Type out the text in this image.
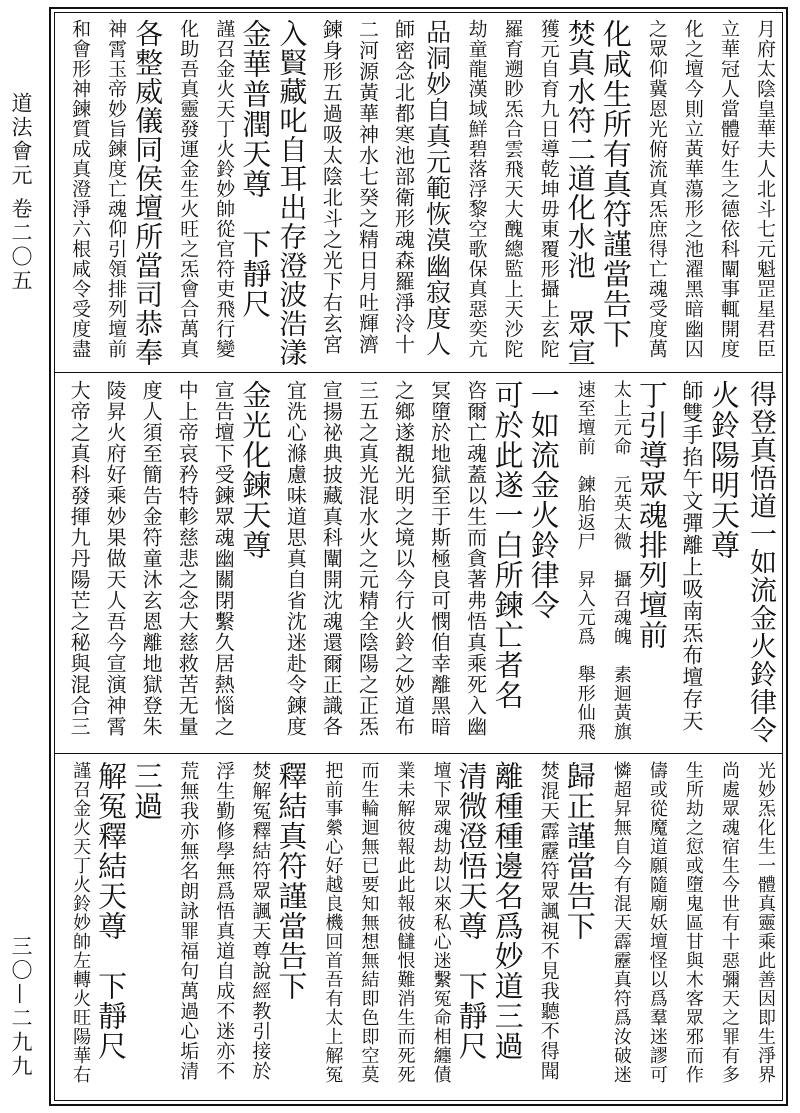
道法會元 卷二〇五
三〇—二九九
月府太陰皇華夫人北斗七元魁罡星君臣
立華冠人當體好生之德依科闡事輒開度
化之壇今則立黃華蕩形之池濯黑暗幽囚
之眾仰冀恩光俯流真炁庶得亡魂受度萬
化咸生所有真符謹當告下
焚真水符二道化水池　眾宣
獲元自育九日導乾坤毋東覆形攝上玄陀
羅育遡眇炁合雲飛天大醜總監上天沙陀
劫童龍漢域鮮碧落浮黎空歌保真惡奕亢
品洞妙自真元範恢漠幽寂度人
師密念北都寒池部衛形魂森羅淨泠十
二河源黃華神水七癸之精日月吐輝濟
鍊身形五過吸太陰北斗之光下右玄宮
入賢藏叱自耳出存澄波浩漾
金華普潤天尊　下靜尺
謹召金火天丁火鈴妙帥從官符吏飛行變
化助吾真靈發運金生火旺之炁會合萬真
各整威儀同侯壇所當司恭奉
神霄玉帝妙旨鍊度亡魂仰引領排列壇前
和會形神鍊質成真澄淨六根咸令受度盡
得登真悟道一如流金火鈴律令
火鈴陽明天尊
師雙手掐午文彈離上吸南炁布壇存天
丁引導眾魂排列壇前
太上元命　元英太微　攝召魂魄　素迴黃旗
速至壇前　鍊胎返尸　昇入元爲　舉形仙飛
一如流金火鈴律令
可於此遂一白所鍊亡者名
咨爾亡魂蓋以生而貪著弗悟真乘死入幽
冥墮於地獄至于斯極良可憫㑑幸離黑暗
之鄉遂覩光明之境以今行火鈴之妙道布
三五之真光混水火之元精全陰陽之正炁
宣揚祕典披藏真科闡開沈魂還爾正識各
宜洗心滌慮味道思真自省沈迷赴令鍊度
金光化鍊天尊
宣告壇下受鍊眾魂幽關閉繫久居熱惱之
中上帝哀矜特軫慈悲之念大慈救苦无量
度人須至簡告金符童沐玄恩離地獄登朱
陵昇火府好乘妙果做天人吾今宣演神霄
大帝之真科發揮九丹陽芒之秘與混合三
光妙炁化生一體真靈乘此善因即生淨界
尚處眾魂宿生今世有十惡彌天之罪有多
生所劫之愆或墮鬼區甘與木客眾邪而作
儔或從魔道願隨廟妖壇怪以爲羣迷謬可
憐超昇無自今有混天霹靂真符爲汝破迷
歸正謹當告下
焚混天霹靂符眾諷視不見我聽不得聞
離種種邊名爲妙道三過
清微澄悟天尊　下靜尺
壇下眾魂劫劫以來私心迷繫冤命相纏債
業未解彼報此此報彼讎恨難消生而死死
而生輪迴無已要知無想無結即色即空莫
把前事縈心好越良機回首吾有太上解冤
釋結真符謹當告下
焚解冤釋結符眾諷天尊說經教引接於
浮生勤修學無爲悟真道自成不迷亦不
荒無我亦無名朗詠罪福句萬過心垢清
三過
解冤釋結天尊　下靜尺
謹召金火天丁火鈴妙帥左轉火旺陽華右
